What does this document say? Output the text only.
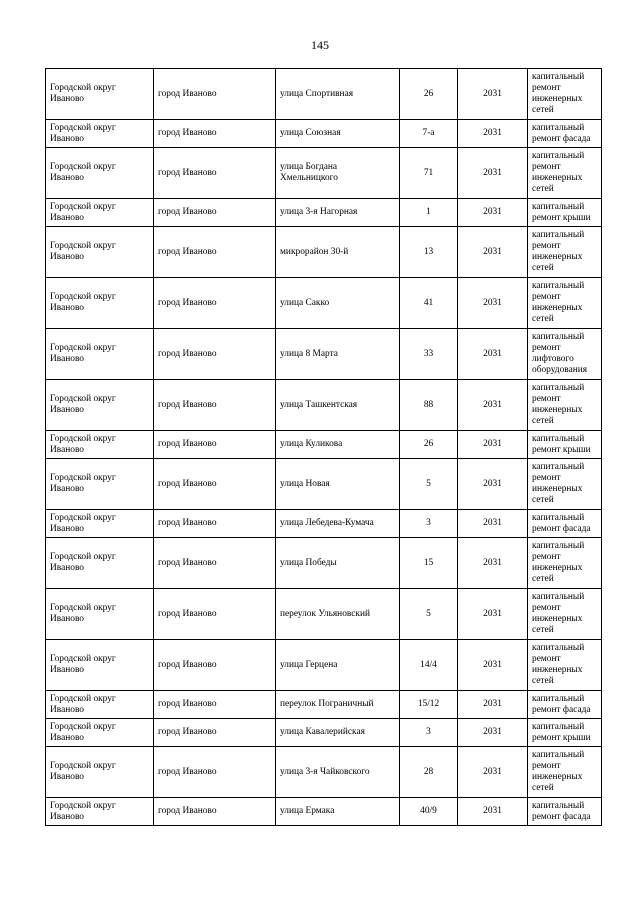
145
Городской округ Иваново	город Иваново	улица Спортивная	26	2031	капитальный ремонт инженерных сетей
Городской округ Иваново	город Иваново	улица Союзная	7-а	2031	капитальный ремонт фасада
Городской округ Иваново	город Иваново	улица Богдана Хмельницкого	71	2031	капитальный ремонт инженерных сетей
Городской округ Иваново	город Иваново	улица 3-я Нагорная	1	2031	капитальный ремонт крыши
Городской округ Иваново	город Иваново	микрорайон 30-й	13	2031	капитальный ремонт инженерных сетей
Городской округ Иваново	город Иваново	улица Сакко	41	2031	капитальный ремонт инженерных сетей
Городской округ Иваново	город Иваново	улица 8 Марта	33	2031	капитальный ремонт лифтового оборудования
Городской округ Иваново	город Иваново	улица Ташкентская	88	2031	капитальный ремонт инженерных сетей
Городской округ Иваново	город Иваново	улица Куликова	26	2031	капитальный ремонт крыши
Городской округ Иваново	город Иваново	улица Новая	5	2031	капитальный ремонт инженерных сетей
Городской округ Иваново	город Иваново	улица Лебедева-Кумача	3	2031	капитальный ремонт фасада
Городской округ Иваново	город Иваново	улица Победы	15	2031	капитальный ремонт инженерных сетей
Городской округ Иваново	город Иваново	переулок Ульяновский	5	2031	капитальный ремонт инженерных сетей
Городской округ Иваново	город Иваново	улица Герцена	14/4	2031	капитальный ремонт инженерных сетей
Городской округ Иваново	город Иваново	переулок Пограничный	15/12	2031	капитальный ремонт фасада
Городской округ Иваново	город Иваново	улица Кавалерийская	3	2031	капитальный ремонт крыши
Городской округ Иваново	город Иваново	улица 3-я Чайковского	28	2031	капитальный ремонт инженерных сетей
Городской округ Иваново	город Иваново	улица Ермака	40/9	2031	капитальный ремонт фасада
